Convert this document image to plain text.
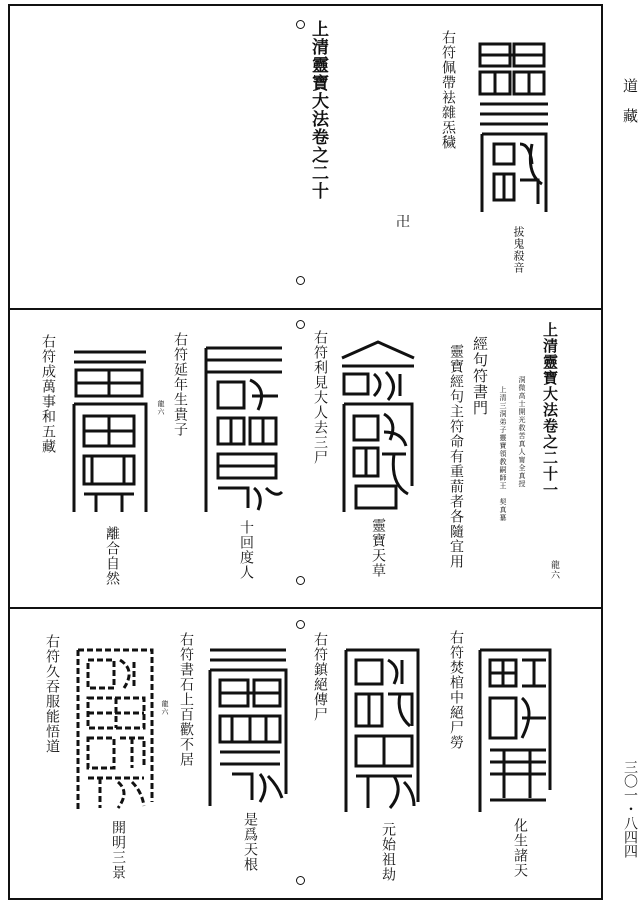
道　藏
三〇一・八四四
上清靈寶大法卷之二十	右符佩帶袪雜炁穢
卍
拔鬼殺音
上清靈寶大法卷之二十一
洞微高士開光救苦真人甯全真授
上清三洞弟子靈寶領教嗣師王　契真纂
龍六
經句符書門
靈寶經句主符命有重葥者各隨宜用
右符利見大人去三尸
靈寶天草
右符延年生貴子
龍六
十回度人
右符成萬事和五藏
離合自然
右符焚棺中絕尸勞
化生諸天
右符鎮絕傳尸
元始祖劫
右符書石上百歡不居
龍六
是爲天根
右符久吞服能悟道
開明三景
